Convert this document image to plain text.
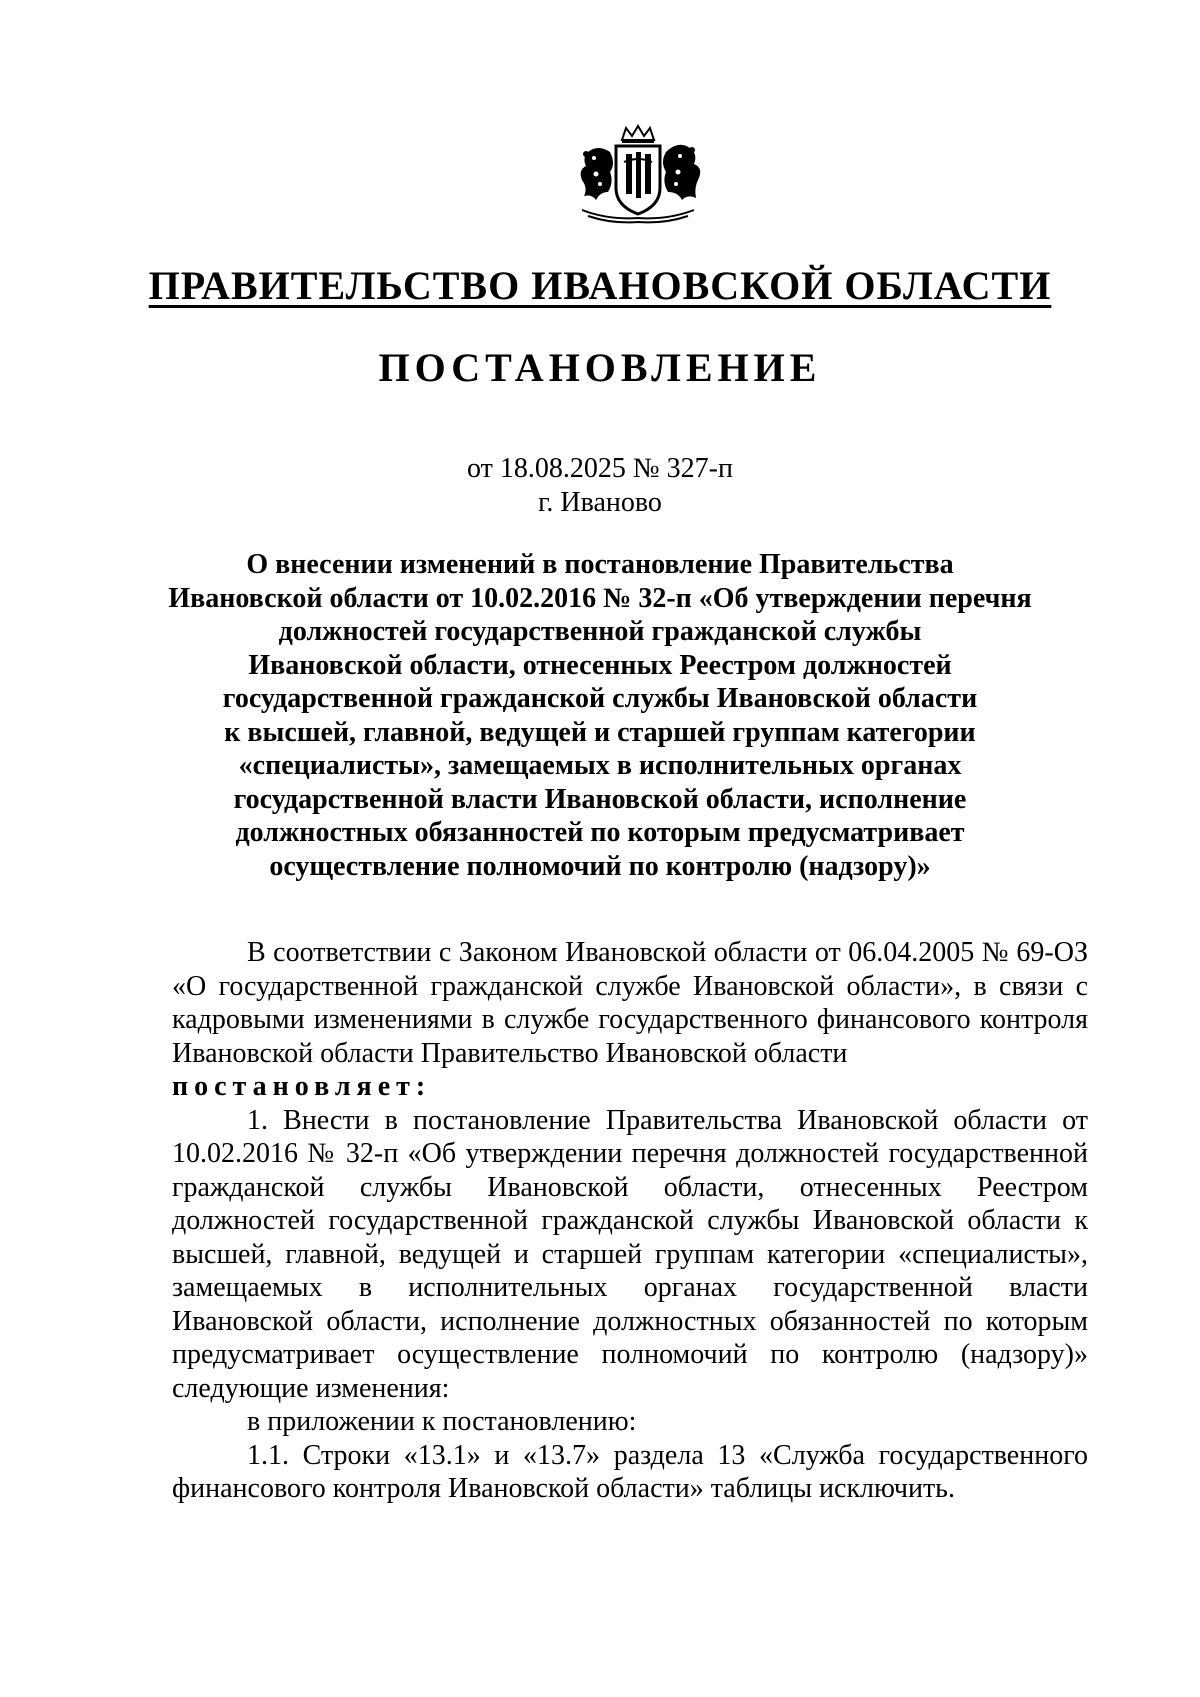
ПРАВИТЕЛЬСТВО ИВАНОВСКОЙ ОБЛАСТИ
ПОСТАНОВЛЕНИЕ
от 18.08.2025 № 327-п
г. Иваново
О внесении изменений в постановление Правительства
Ивановской области от 10.02.2016 № 32-п «Об утверждении перечня
должностей государственной гражданской службы
Ивановской области, отнесенных Реестром должностей
государственной гражданской службы Ивановской области
к высшей, главной, ведущей и старшей группам категории
«специалисты», замещаемых в исполнительных органах
государственной власти Ивановской области, исполнение
должностных обязанностей по которым предусматривает
осуществление полномочий по контролю (надзору)»

В соответствии с Законом Ивановской области от 06.04.2005 № 69-ОЗ «О государственной гражданской службе Ивановской области», в связи с кадровыми изменениями в службе государственного финансового контроля Ивановской области Правительство Ивановской области

постановляет:

1. Внести в постановление Правительства Ивановской области от 10.02.2016 № 32-п «Об утверждении перечня должностей государственной гражданской службы Ивановской области, отнесенных Реестром должностей государственной гражданской службы Ивановской области к высшей, главной, ведущей и старшей группам категории «специалисты», замещаемых в исполнительных органах государственной власти Ивановской области, исполнение должностных обязанностей по которым предусматривает осуществление полномочий по контролю (надзору)» следующие изменения:

в приложении к постановлению:

1.1. Строки «13.1» и «13.7» раздела 13 «Служба государственного финансового контроля Ивановской области» таблицы исключить.
